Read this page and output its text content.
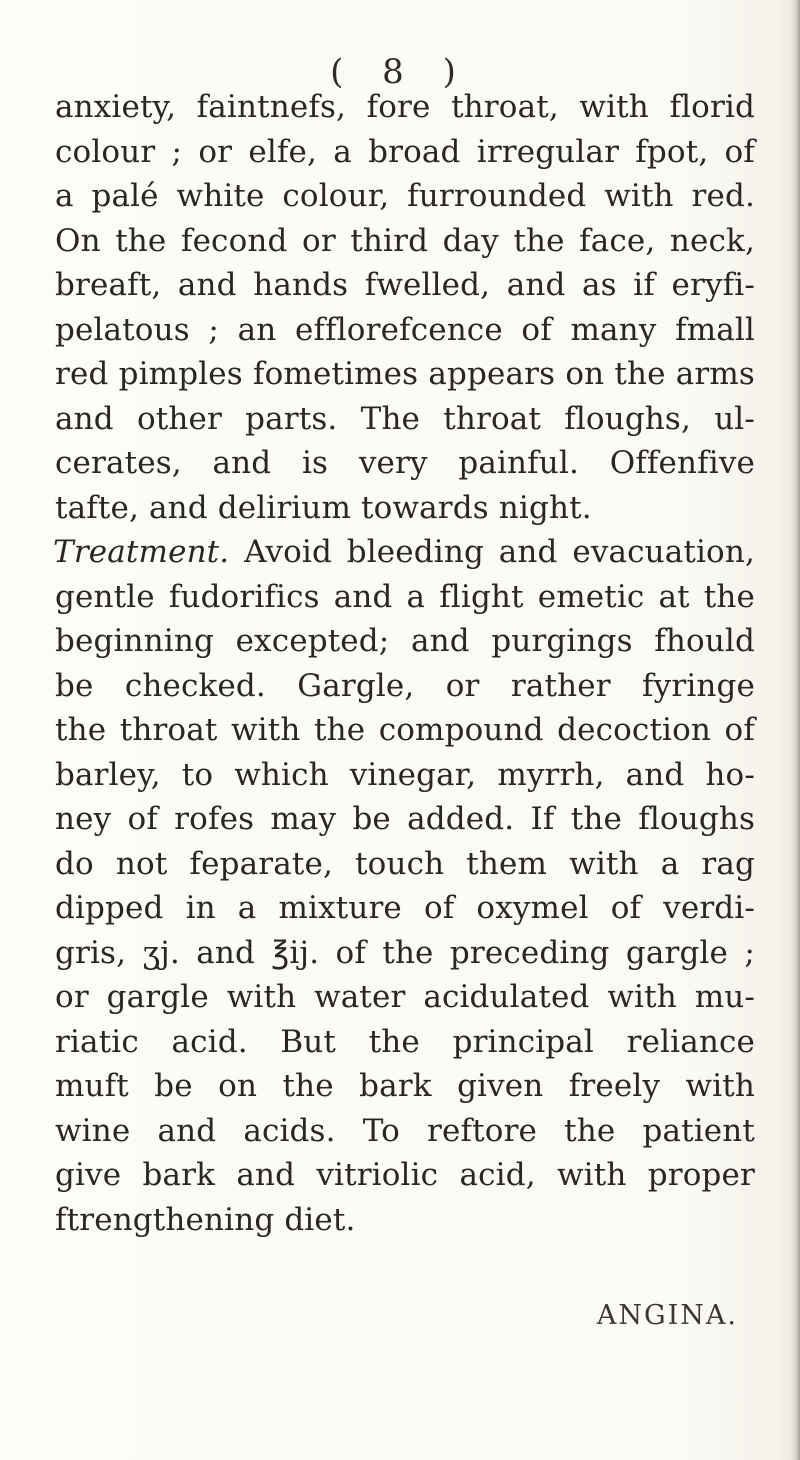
( 8 )
anxiety, faintnefs, fore throat, with florid
colour ; or elfe, a broad irregular fpot, of
a palé white colour, furrounded with red.
On the fecond or third day the face, neck,
breaft, and hands fwelled, and as if eryfi-
pelatous ; an efflorefcence of many fmall
red pimples fometimes appears on the arms
and other parts. The throat floughs, ul-
cerates, and is very painful. Offenfive
tafte, and delirium towards night.
Treatment. Avoid bleeding and evacuation,
gentle fudorifics and a flight emetic at the
beginning excepted; and purgings fhould
be checked. Gargle, or rather fyringe
the throat with the compound decoction of
barley, to which vinegar, myrrh, and ho-
ney of rofes may be added. If the floughs
do not feparate, touch them with a rag
dipped in a mixture of oxymel of verdi-
gris, ʒj. and ℥ij. of the preceding gargle ;
or gargle with water acidulated with mu-
riatic acid. But the principal reliance
muft be on the bark given freely with
wine and acids. To reftore the patient
give bark and vitriolic acid, with proper
ftrengthening diet.
ANGINA.
